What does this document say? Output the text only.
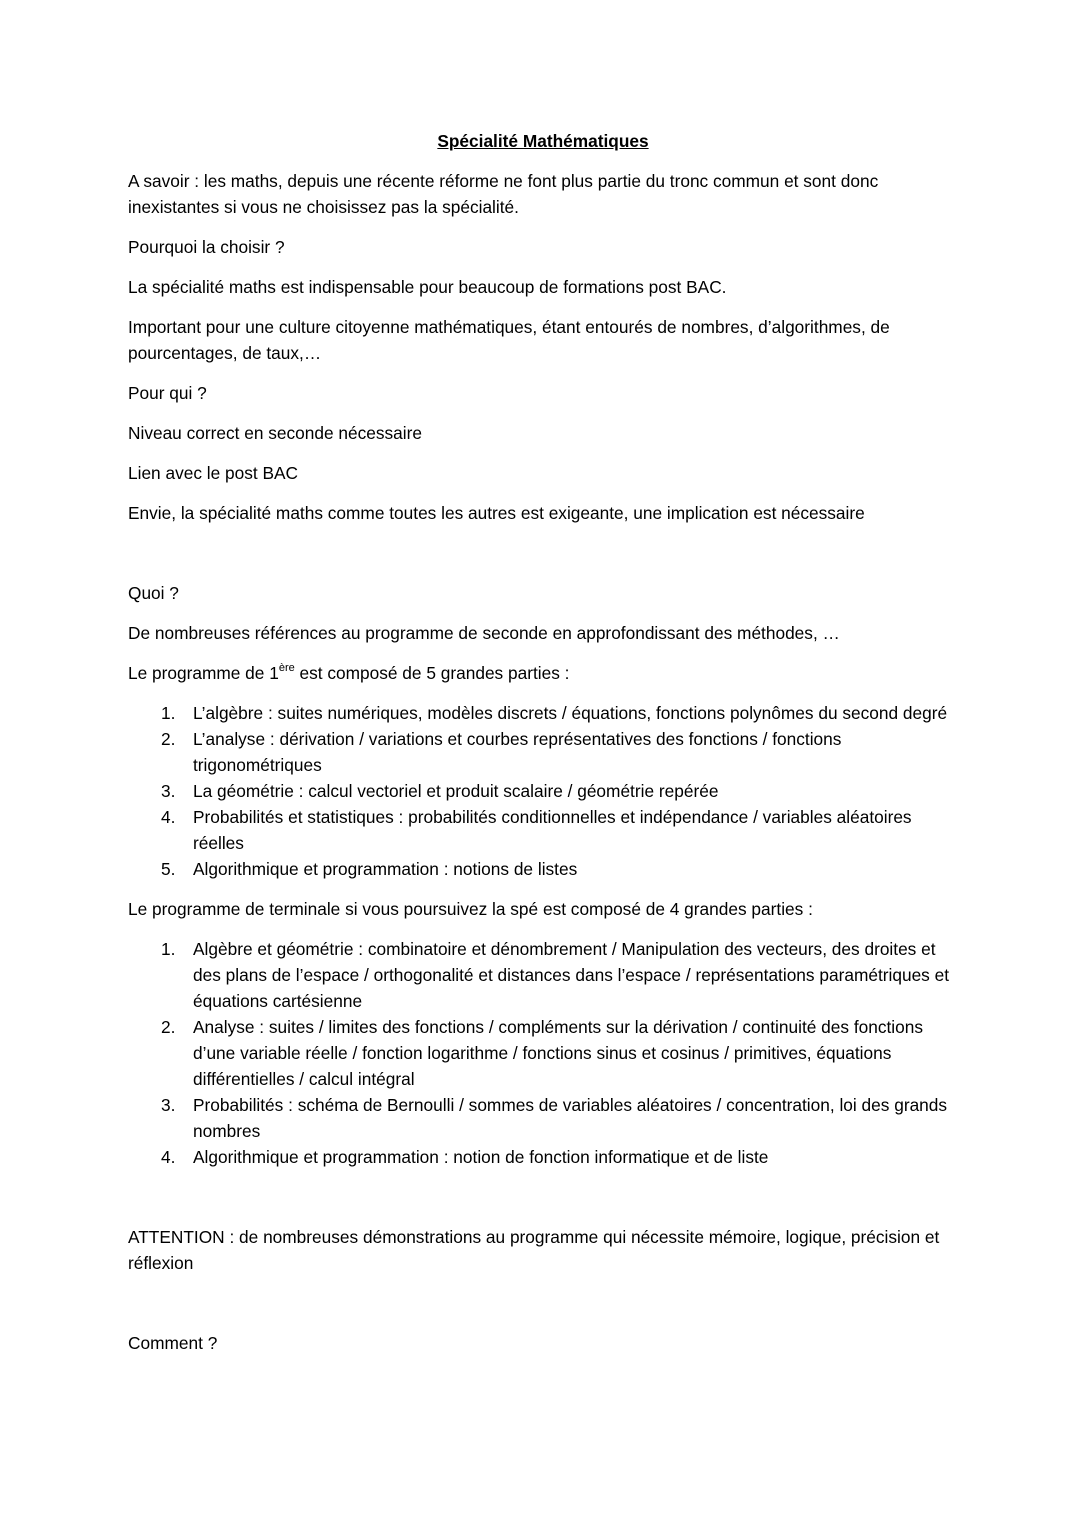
Spécialité Mathématiques

A savoir : les maths, depuis une récente réforme ne font plus partie du tronc commun et sont donc inexistantes si vous ne choisissez pas la spécialité.

Pourquoi la choisir ?

La spécialité maths est indispensable pour beaucoup de formations post BAC.

Important pour une culture citoyenne mathématiques, étant entourés de nombres, d’algorithmes, de pourcentages, de taux,…

Pour qui ?

Niveau correct en seconde nécessaire

Lien avec le post BAC

Envie, la spécialité maths comme toutes les autres est exigeante, une implication est nécessaire

Quoi ?

De nombreuses références au programme de seconde en approfondissant des méthodes, …

Le programme de 1ère est composé de 5 grandes parties :

1. L’algèbre : suites numériques, modèles discrets / équations, fonctions polynômes du second degré
2. L’analyse : dérivation / variations et courbes représentatives des fonctions / fonctions trigonométriques
3. La géométrie : calcul vectoriel et produit scalaire / géométrie repérée
4. Probabilités et statistiques : probabilités conditionnelles et indépendance / variables aléatoires réelles
5. Algorithmique et programmation : notions de listes

Le programme de terminale si vous poursuivez la spé est composé de 4 grandes parties :

1. Algèbre et géométrie : combinatoire et dénombrement / Manipulation des vecteurs, des droites et des plans de l’espace / orthogonalité et distances dans l’espace / représentations paramétriques et équations cartésienne
2. Analyse : suites / limites des fonctions / compléments sur la dérivation / continuité des fonctions d’une variable réelle / fonction logarithme / fonctions sinus et cosinus / primitives, équations différentielles / calcul intégral
3. Probabilités : schéma de Bernoulli / sommes de variables aléatoires / concentration, loi des grands nombres
4. Algorithmique et programmation : notion de fonction informatique et de liste

ATTENTION : de nombreuses démonstrations au programme qui nécessite mémoire, logique, précision et réflexion

Comment ?
